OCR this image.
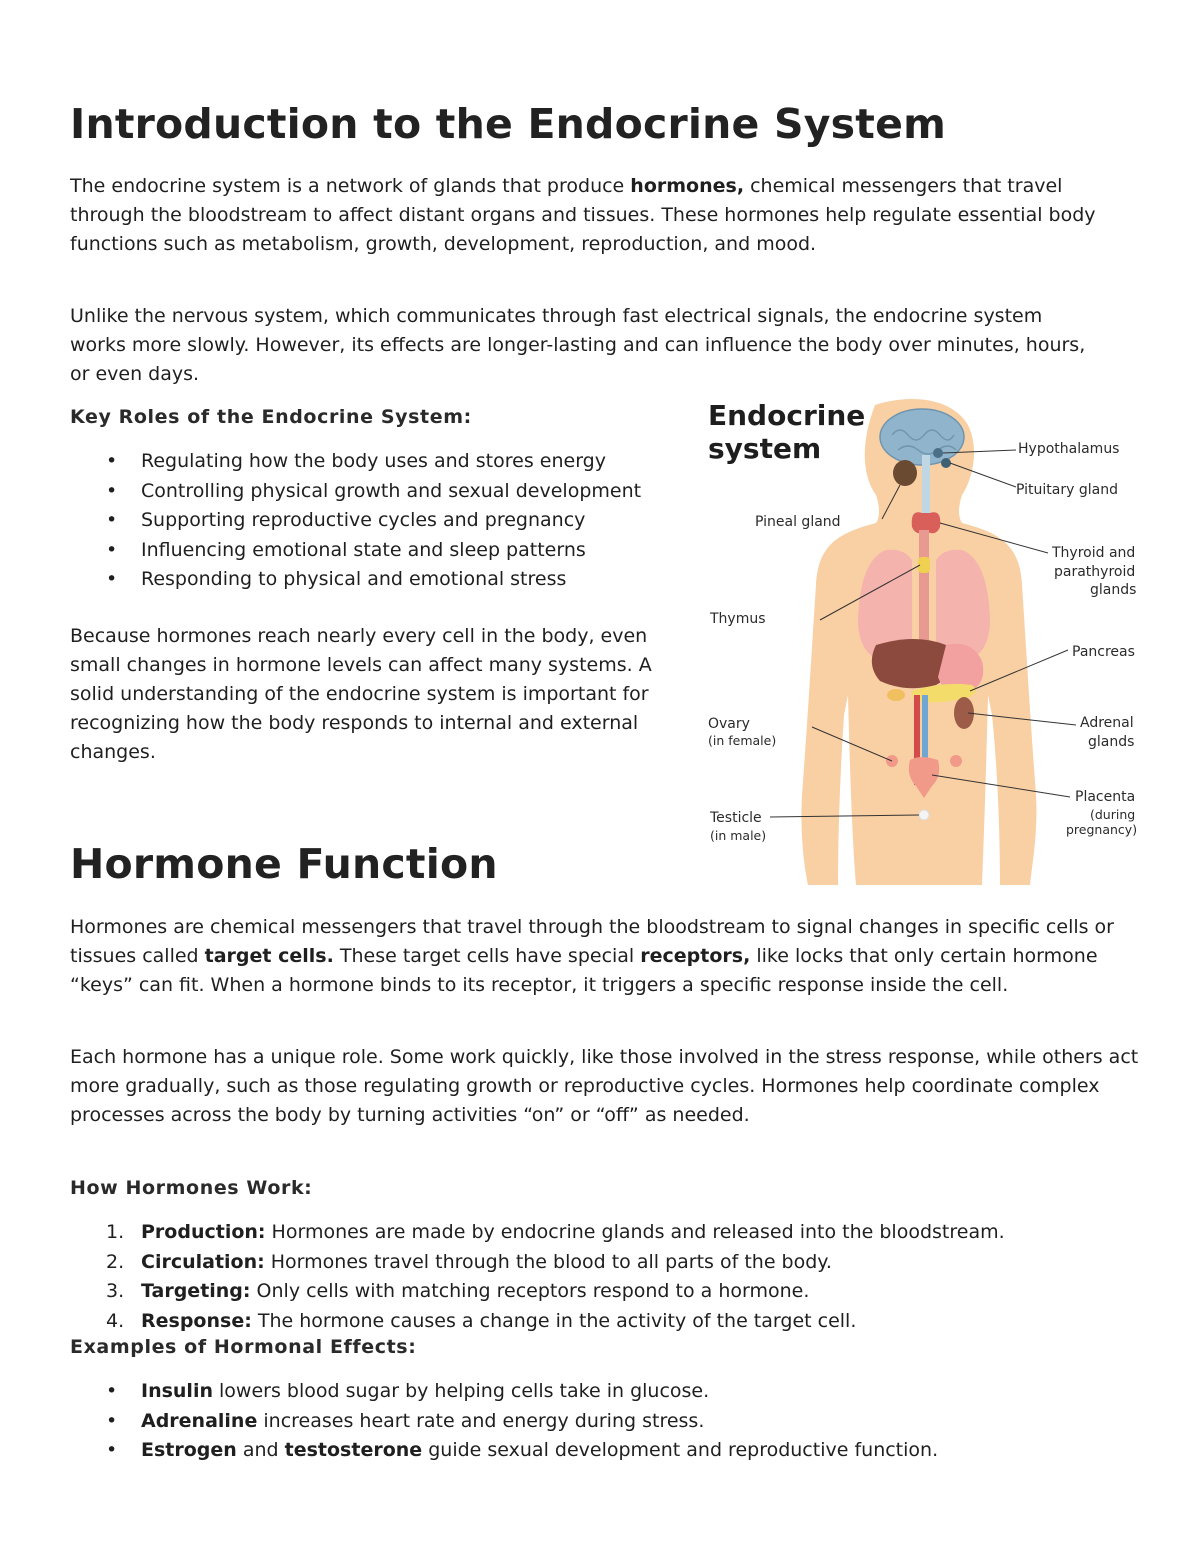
Introduction to the Endocrine System

The endocrine system is a network of glands that produce hormones, chemical messengers that travel through the bloodstream to affect distant organs and tissues. These hormones help regulate essential body functions such as metabolism, growth, development, reproduction, and mood.

Unlike the nervous system, which communicates through fast electrical signals, the endocrine system works more slowly. However, its effects are longer-lasting and can influence the body over minutes, hours, or even days.

Key Roles of the Endocrine System:
• Regulating how the body uses and stores energy
• Controlling physical growth and sexual development
• Supporting reproductive cycles and pregnancy
• Influencing emotional state and sleep patterns
• Responding to physical and emotional stress

Because hormones reach nearly every cell in the body, even small changes in hormone levels can affect many systems. A solid understanding of the endocrine system is important for recognizing how the body responds to internal and external changes.

Hormone Function

Hormones are chemical messengers that travel through the bloodstream to signal changes in specific cells or tissues called target cells. These target cells have special receptors, like locks that only certain hormone “keys” can fit. When a hormone binds to its receptor, it triggers a specific response inside the cell.

Each hormone has a unique role. Some work quickly, like those involved in the stress response, while others act more gradually, such as those regulating growth or reproductive cycles. Hormones help coordinate complex processes across the body by turning activities “on” or “off” as needed.

How Hormones Work:
1. Production: Hormones are made by endocrine glands and released into the bloodstream.
2. Circulation: Hormones travel through the blood to all parts of the body.
3. Targeting: Only cells with matching receptors respond to a hormone.
4. Response: The hormone causes a change in the activity of the target cell.
Examples of Hormonal Effects:
• Insulin lowers blood sugar by helping cells take in glucose.
• Adrenaline increases heart rate and energy during stress.
• Estrogen and testosterone guide sexual development and reproductive function.
Endocrine
system	Hypothalamus
Pituitary gland
Pineal gland
Thyroid and
parathyroid
glands
Thymus
Pancreas
Adrenal
glands
Ovary
(in female)
Placenta
(during
pregnancy)
Testicle
(in male)
